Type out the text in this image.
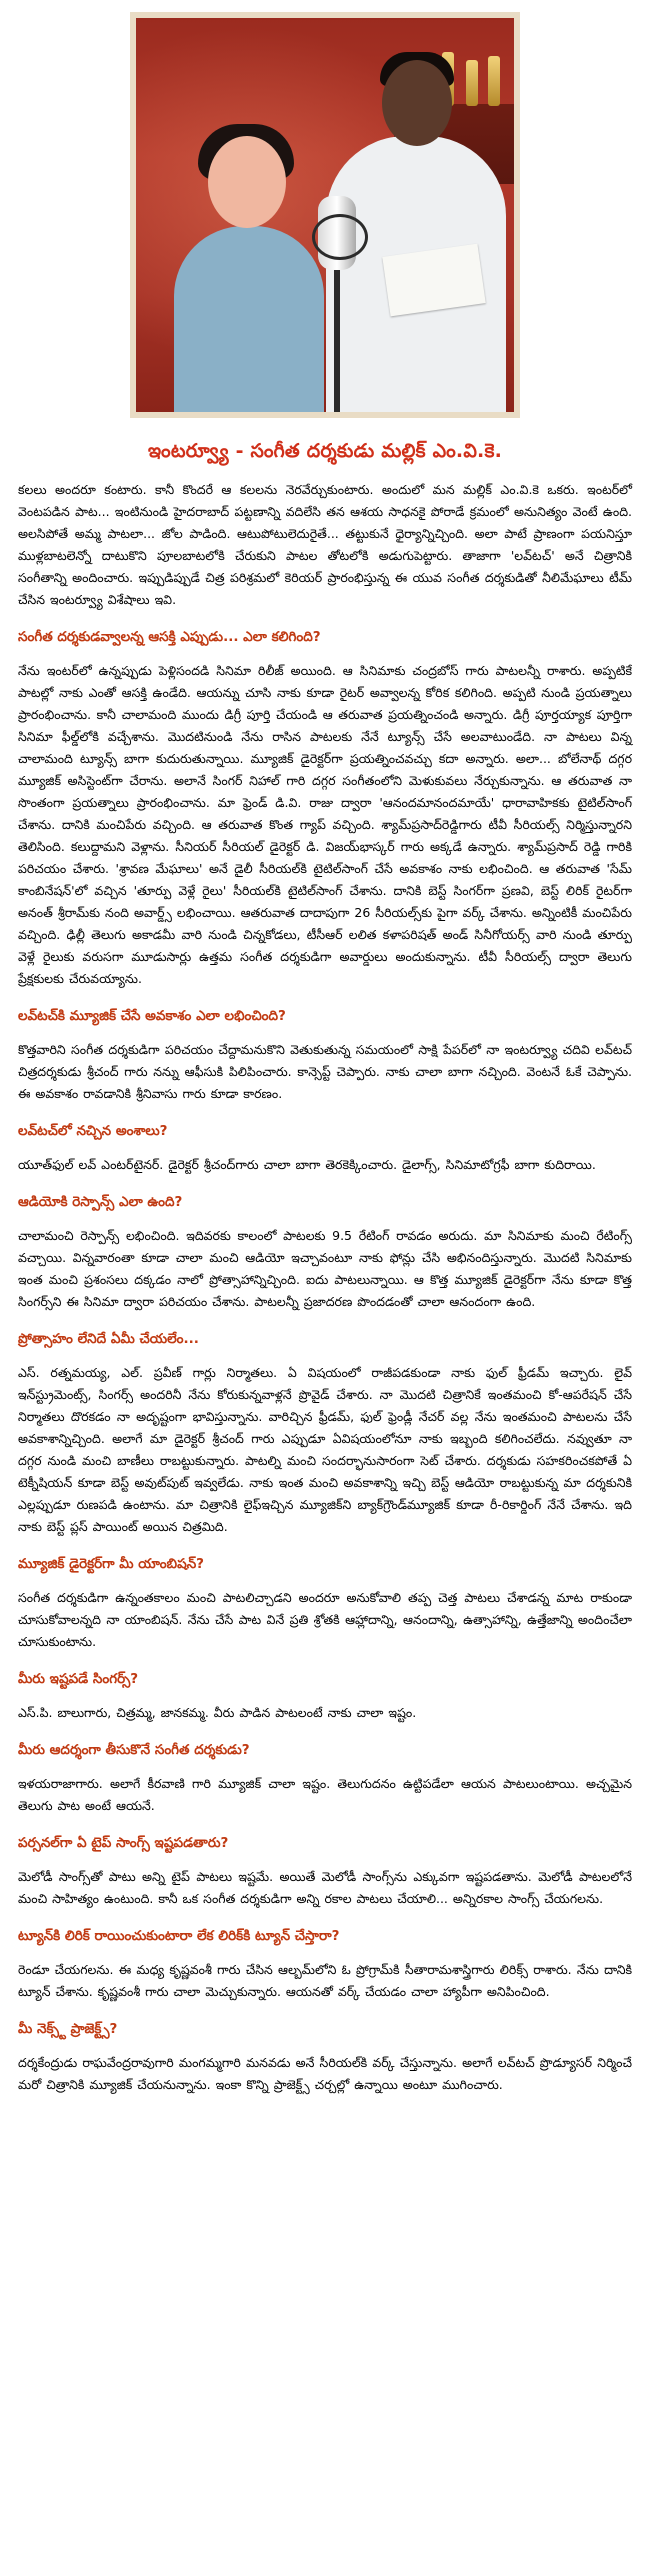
ఇంటర్వ్యూ - సంగీత దర్శకుడు మల్లిక్ ఎం.వి.కె.

కలలు అందరూ కంటారు. కానీ కొందరే ఆ కలలను నెరవేర్చుకుంటారు. అందులో మన మల్లిక్ ఎం.వి.కె ఒకరు. ఇంటర్‌లో వెంటపడిన పాట... ఇంటినుండి హైదరాబాద్ పట్టణాన్ని వదిలేసి తన ఆశయ సాధనకై పోరాడే క్రమంలో అనునిత్యం వెంటే ఉంది. అలసిపోతే అమ్మ పాటలా... జోల పాడింది. ఆటుపోటులెదురైతే... తట్టుకునే ధైర్యాన్నిచ్చింది. అలా పాటే ప్రాణంగా పయనిస్తూ ముళ్లబాటలెన్నో దాటుకొని పూలబాటలోకి చేరుకుని పాటల తోటలోకి అడుగుపెట్టారు. తాజాగా 'లవ్‌టచ్' అనే చిత్రానికి సంగీతాన్ని అందించారు. ఇప్పుడిప్పుడే చిత్ర పరిశ్రమలో కెరియర్ ప్రారంభిస్తున్న ఈ యువ సంగీత దర్శకుడితో నీలిమేఘాలు టీమ్ చేసిన ఇంటర్వ్యూ విశేషాలు ఇవి.

సంగీత దర్శకుడవ్వాలన్న ఆసక్తి ఎప్పుడు... ఎలా కలిగింది?

నేను ఇంటర్‌లో ఉన్నప్పుడు పెళ్లిసందడి సినిమా రిలీజ్ అయింది. ఆ సినిమాకు చంద్రబోస్ గారు పాటలన్నీ రాశారు. అప్పటికే పాటల్లో నాకు ఎంతో ఆసక్తి ఉండేది. ఆయన్ను చూసి నాకు కూడా రైటర్ అవ్వాలన్న కోరిక కలిగింది. అప్పటి నుండి ప్రయత్నాలు ప్రారంభించాను. కానీ చాలామంది ముందు డిగ్రీ పూర్తి చేయండి ఆ తరువాత ప్రయత్నించండి అన్నారు. డిగ్రీ పూర్తయ్యాక పూర్తిగా సినిమా ఫీల్డ్‌లోకి వచ్చేశాను. మొదటినుండి నేను రాసిన పాటలకు నేనే ట్యూన్స్ చేసే అలవాటుండేది. నా పాటలు విన్న చాలామంది ట్యూన్స్ బాగా కుదురుతున్నాయి. మ్యూజిక్ డైరెక్టర్‌గా ప్రయత్నించవచ్చు కదా అన్నారు. అలా... బోలేనాథ్ దగ్గర మ్యూజిక్ అసిస్టెంట్‌గా చేరాను. అలానే సింగర్ నిహాల్ గారి దగ్గర సంగీతంలోని మెళుకువలు నేర్చుకున్నాను. ఆ తరువాత నా సొంతంగా ప్రయత్నాలు ప్రారంభించాను. మా ఫ్రెండ్ డి.వి. రాజు ద్వారా 'ఆనందమానందమాయే' ధారావాహికకు టైటిల్‌సాంగ్ చేశాను. దానికి మంచిపేరు వచ్చింది. ఆ తరువాత కొంత గ్యాప్ వచ్చింది. శ్యామ్‌ప్రసాద్‌రెడ్డిగారు టీవీ సీరియల్స్ నిర్మిస్తున్నారని తెలిసింది. కలుద్దామని వెళ్లాను. సీనియర్ సీరియల్ డైరెక్టర్ డి. విజయ్‌భాస్కర్ గారు అక్కడే ఉన్నారు. శ్యామ్‌ప్రసాద్ రెడ్డి గారికి పరిచయం చేశారు. 'శ్రావణ మేఘాలు' అనే డైలీ సీరియల్‌కి టైటిల్‌సాంగ్ చేసే అవకాశం నాకు లభించింది. ఆ తరువాత 'సేమ్ కాంబినేషన్'లో వచ్చిన 'తూర్పు వెళ్లే రైలు' సీరియల్‌కి టైటిల్‌సాంగ్ చేశాను. దానికి బెస్ట్ సింగర్‌గా ప్రణవి, బెస్ట్ లిరిక్ రైటర్‌గా అనంత్ శ్రీరామ్‌కు నంది అవార్డ్స్ లభించాయి. ఆతరువాత దాదాపుగా 26 సీరియల్స్‌కు పైగా వర్క్ చేశాను. అన్నింటికీ మంచిపేరు వచ్చింది. ఢిల్లీ తెలుగు అకాడమీ వారి నుండి చిన్నకోడలు, టీసీఆర్ లలిత కళాపరిషత్ అండ్ సినీగోయర్స్ వారి నుండి తూర్పు వెళ్లే రైలుకు వరుసగా మూడుసార్లు ఉత్తమ సంగీత దర్శకుడిగా అవార్డులు అందుకున్నాను. టీవీ సీరియల్స్ ద్వారా తెలుగు ప్రేక్షకులకు చేరువయ్యాను.

లవ్‌టచ్‌కి మ్యూజిక్ చేసే అవకాశం ఎలా లభించింది?

కొత్తవారిని సంగీత దర్శకుడిగా పరిచయం చేద్దామనుకొని వెతుకుతున్న సమయంలో సాక్షి పేపర్‌లో నా ఇంటర్వ్యూ చదివి లవ్‌టచ్ చిత్రదర్శకుడు శ్రీచంద్ గారు నన్ను ఆఫీసుకి పిలిపించారు. కాన్సెప్ట్ చెప్పారు. నాకు చాలా బాగా నచ్చింది. వెంటనే ఓకే చెప్పాను. ఈ అవకాశం రావడానికి శ్రీనివాసు గారు కూడా కారణం.

లవ్‌టచ్‌లో నచ్చిన అంశాలు?

యూత్‌ఫుల్ లవ్ ఎంటర్‌టైనర్. డైరెక్టర్ శ్రీచంద్‌గారు చాలా బాగా తెరకెక్కించారు. డైలాగ్స్, సినిమాటోగ్రఫీ బాగా కుదిరాయి.

ఆడియోకి రెస్పాన్స్ ఎలా ఉంది?

చాలామంచి రెస్పాన్స్ లభించింది. ఇదివరకు కాలంలో పాటలకు 9.5 రేటింగ్ రావడం అరుదు. మా సినిమాకు మంచి రేటింగ్స్ వచ్చాయి. విన్నవారంతా కూడా చాలా మంచి ఆడియో ఇచ్చావంటూ నాకు ఫోన్లు చేసి అభినందిస్తున్నారు. మొదటి సినిమాకు ఇంత మంచి ప్రశంసలు దక్కడం నాలో ప్రోత్సాహాన్నిచ్చింది. ఐదు పాటలున్నాయి. ఆ కొత్త మ్యూజిక్ డైరెక్టర్‌గా నేను కూడా కొత్త సింగర్స్‌ని ఈ సినిమా ద్వారా పరిచయం చేశాను. పాటలన్నీ ప్రజాదరణ పొందడంతో చాలా ఆనందంగా ఉంది.

ప్రోత్సాహం లేనిదే ఏమీ చేయలేం...

ఎస్. రత్నమయ్య, ఎల్. ప్రవీణ్ గార్లు నిర్మాతలు. ఏ విషయంలో రాజీపడకుండా నాకు ఫుల్ ఫ్రీడమ్ ఇచ్చారు. లైవ్ ఇన్‌స్ట్రుమెంట్స్, సింగర్స్ అందరినీ నేను కోరుకున్నవాళ్లనే ప్రొవైడ్ చేశారు. నా మొదటి చిత్రానికే ఇంతమంచి కో-ఆపరేషన్ చేసే నిర్మాతలు దొరకడం నా అదృష్టంగా భావిస్తున్నాను. వారిచ్చిన ఫ్రీడమ్, ఫుల్ ఫ్రెండ్లీ నేచర్ వల్ల నేను ఇంతమంచి పాటలను చేసే అవకాశాన్నిచ్చింది. అలాగే మా డైరెక్టర్ శ్రీచంద్ గారు ఎప్పుడూ ఏవిషయంలోనూ నాకు ఇబ్బంది కలిగించలేదు. నవ్వుతూ నా దగ్గర నుండి మంచి బాణీలు రాబట్టుకున్నారు. పాటల్ని మంచి సందర్భానుసారంగా సెట్ చేశారు. దర్శకుడు సహకరించకపోతే ఏ టెక్నీషియన్ కూడా బెస్ట్ అవుట్‌పుట్ ఇవ్వలేడు. నాకు ఇంత మంచి అవకాశాన్ని ఇచ్చి బెస్ట్ ఆడియో రాబట్టుకున్న మా దర్శకునికి ఎల్లప్పుడూ రుణపడి ఉంటాను. మా చిత్రానికి లైఫ్‌ఇచ్చిన మ్యూజిక్‌ని బ్యాక్‌గ్రౌండ్‌మ్యూజిక్ కూడా రీ-రికార్డింగ్ నేనే చేశాను. ఇది నాకు బెస్ట్ ప్లస్ పాయింట్ అయిన చిత్రమిది.

మ్యూజిక్ డైరెక్టర్‌గా మీ యాంబిషన్?

సంగీత దర్శకుడిగా ఉన్నంతకాలం మంచి పాటలిచ్చాడని అందరూ అనుకోవాలి తప్ప చెత్త పాటలు చేశాడన్న మాట రాకుండా చూసుకోవాలన్నది నా యాంబిషన్. నేను చేసే పాట వినే ప్రతి శ్రోతకి ఆహ్లాదాన్ని, ఆనందాన్ని, ఉత్సాహాన్ని, ఉత్తేజాన్ని అందించేలా చూసుకుంటాను.

మీరు ఇష్టపడే సింగర్స్?

ఎస్.పి. బాలుగారు, చిత్రమ్మ, జానకమ్మ. వీరు పాడిన పాటలంటే నాకు చాలా ఇష్టం.

మీరు ఆదర్శంగా తీసుకొనే సంగీత దర్శకుడు?

ఇళయరాజాగారు. అలాగే కీరవాణి గారి మ్యూజిక్ చాలా ఇష్టం. తెలుగుదనం ఉట్టిపడేలా ఆయన పాటలుంటాయి. అచ్చమైన తెలుగు పాట అంటే ఆయనే.

పర్సనల్‌గా ఏ టైప్ సాంగ్స్ ఇష్టపడతారు?

మెలోడీ సాంగ్స్‌తో పాటు అన్ని టైప్ పాటలు ఇష్టమే. అయితే మెలోడీ సాంగ్స్‌ను ఎక్కువగా ఇష్టపడతాను. మెలోడీ పాటలలోనే మంచి సాహిత్యం ఉంటుంది. కానీ ఒక సంగీత దర్శకుడిగా అన్ని రకాల పాటలు చేయాలి... అన్నిరకాల సాంగ్స్ చేయగలను.

ట్యూన్‌కి లిరిక్ రాయించుకుంటారా లేక లిరిక్‌కి ట్యూన్ చేస్తారా?

రెండూ చేయగలను. ఈ మధ్య కృష్ణవంశీ గారు చేసిన ఆల్బమ్‌లోని ఓ ప్రోగ్రామ్‌కి సీతారామశాస్త్రిగారు లిరిక్స్ రాశారు. నేను దానికి ట్యూన్ చేశాను. కృష్ణవంశీ గారు చాలా మెచ్చుకున్నారు. ఆయనతో వర్క్ చేయడం చాలా హ్యాపీగా అనిపించింది.

మీ నెక్స్ట్ ప్రాజెక్ట్స్?

దర్శకేంద్రుడు రాఘవేంద్రరావుగారి మంగమ్మగారి మనవడు అనే సీరియల్‌కి వర్క్ చేస్తున్నాను. అలాగే లవ్‌టచ్ ప్రొడ్యూసర్ నిర్మించే మరో చిత్రానికి మ్యూజిక్ చేయనున్నాను. ఇంకా కొన్ని ప్రాజెక్ట్స్ చర్చల్లో ఉన్నాయి అంటూ ముగించారు.
